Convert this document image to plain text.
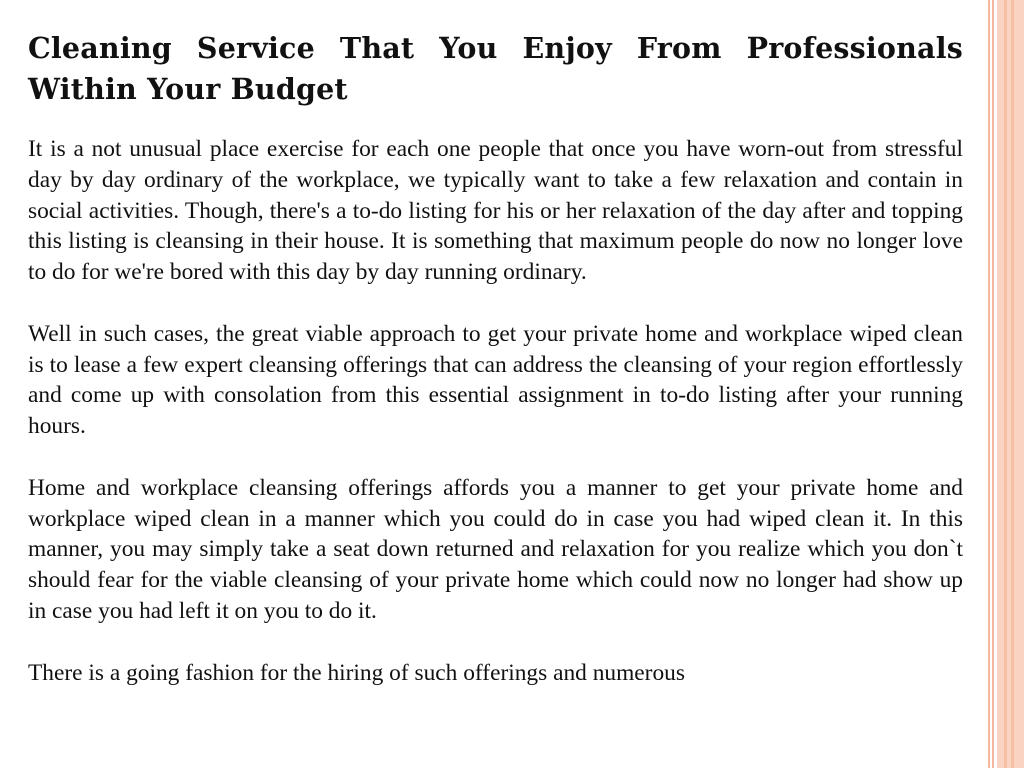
Cleaning Service That You Enjoy From Professionals Within Your Budget

It is a not unusual place exercise for each one people that once you have worn-out from stressful day by day ordinary of the workplace, we typically want to take a few relaxation and contain in social activities. Though, there's a to-do listing for his or her relaxation of the day after and topping this listing is cleansing in their house. It is something that maximum people do now no longer love to do for we're bored with this day by day running ordinary.

Well in such cases, the great viable approach to get your private home and workplace wiped clean is to lease a few expert cleansing offerings that can address the cleansing of your region effortlessly and come up with consolation from this essential assignment in to-do listing after your running hours.

Home and workplace cleansing offerings affords you a manner to get your private home and workplace wiped clean in a manner which you could do in case you had wiped clean it. In this manner, you may simply take a seat down returned and relaxation for you realize which you don`t should fear for the viable cleansing of your private home which could now no longer had show up in case you had left it on you to do it.

There is a going fashion for the hiring of such offerings and numerous
